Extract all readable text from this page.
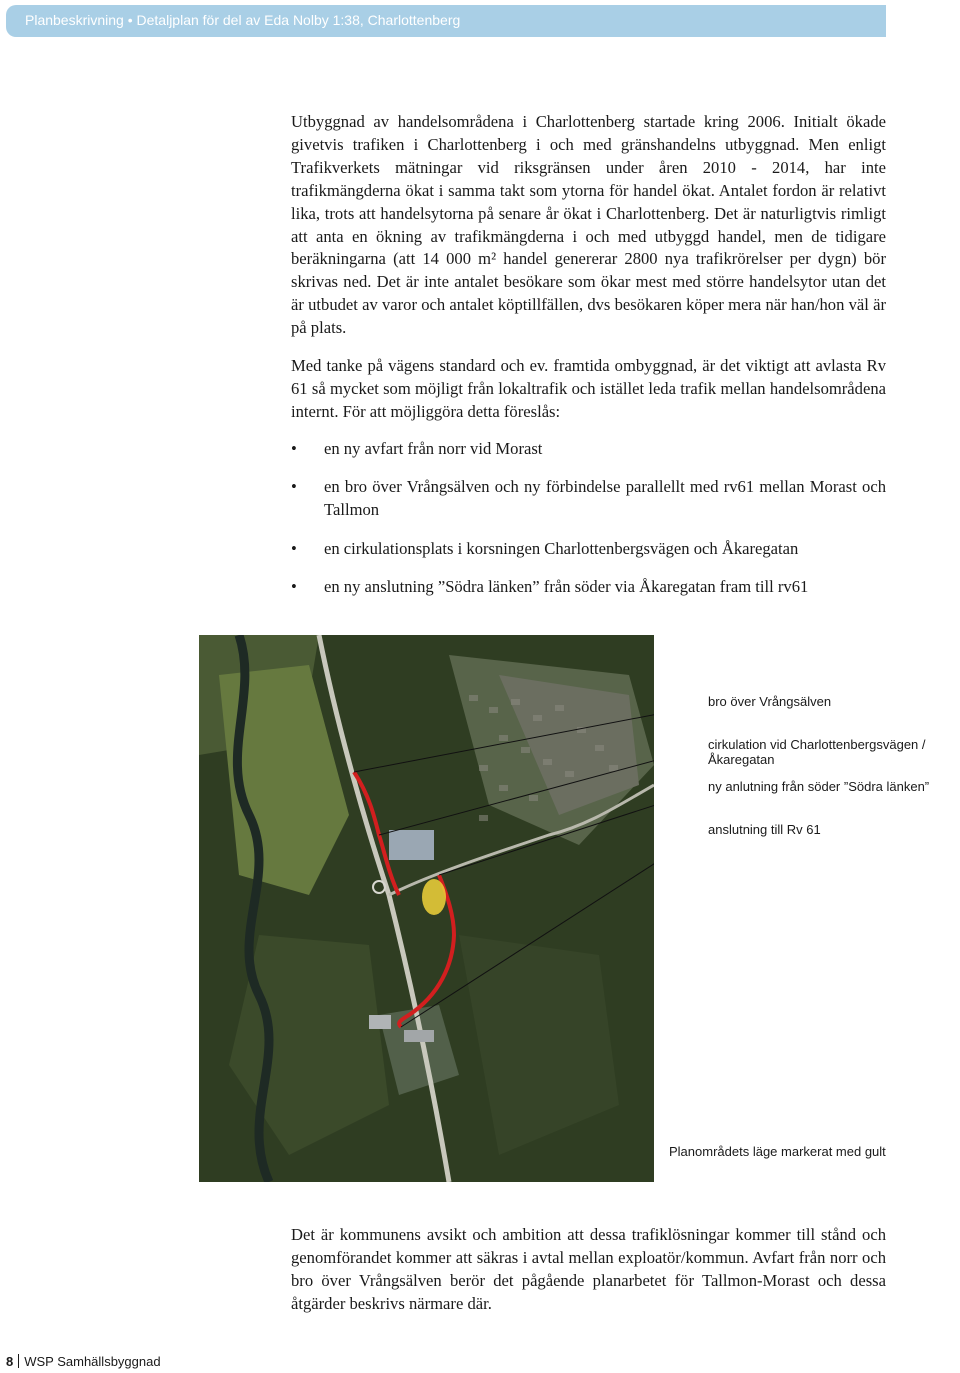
Planbeskrivning • Detaljplan för del av Eda Nolby 1:38, Charlottenberg

Utbyggnad av handelsområdena i Charlottenberg startade kring 2006. Initialt ökade givetvis trafiken i Charlottenberg i och med gränshandelns utbyggnad. Men enligt Trafikverkets mätningar vid riksgränsen under åren 2010 - 2014, har inte trafikmängderna ökat i samma takt som ytorna för handel ökat. Antalet fordon är relativt lika, trots att handelsytorna på senare år ökat i Charlottenberg. Det är naturligtvis rimligt att anta en ökning av trafikmängderna i och med utbyggd handel, men de tidigare beräkningarna (att 14 000 m² handel genererar 2800 nya trafikrörelser per dygn) bör skrivas ned. Det är inte antalet besökare som ökar mest med större handelsytor utan det är utbudet av varor och antalet köptillfällen, dvs besökaren köper mera när han/hon väl är på plats.

Med tanke på vägens standard och ev. framtida ombyggnad, är det viktigt att avlasta Rv 61 så mycket som möjligt från lokaltrafik och istället leda trafik mellan handelsområdena internt. För att möjliggöra detta föreslås:

• en ny avfart från norr vid Morast
• en bro över Vrångsälven och ny förbindelse parallellt med rv61 mellan Morast och Tallmon
• en cirkulationsplats i korsningen Charlottenbergsvägen och Åkaregatan
• en ny anslutning ”Södra länken” från söder via Åkaregatan fram till rv61
bro över Vrångsälven
cirkulation vid Charlottenbergsvägen /Åkaregatan
ny anlutning från söder ”Södra länken”
anslutning till Rv 61
Planområdets läge markerat med gult

Det är kommunens avsikt och ambition att dessa trafiklösningar kommer till stånd och genomförandet kommer att säkras i avtal mellan exploatör/kommun. Avfart från norr och bro över Vrångsälven berör det pågående planarbetet för Tallmon-Morast och dessa åtgärder beskrivs närmare där.

8 WSP Samhällsbyggnad
